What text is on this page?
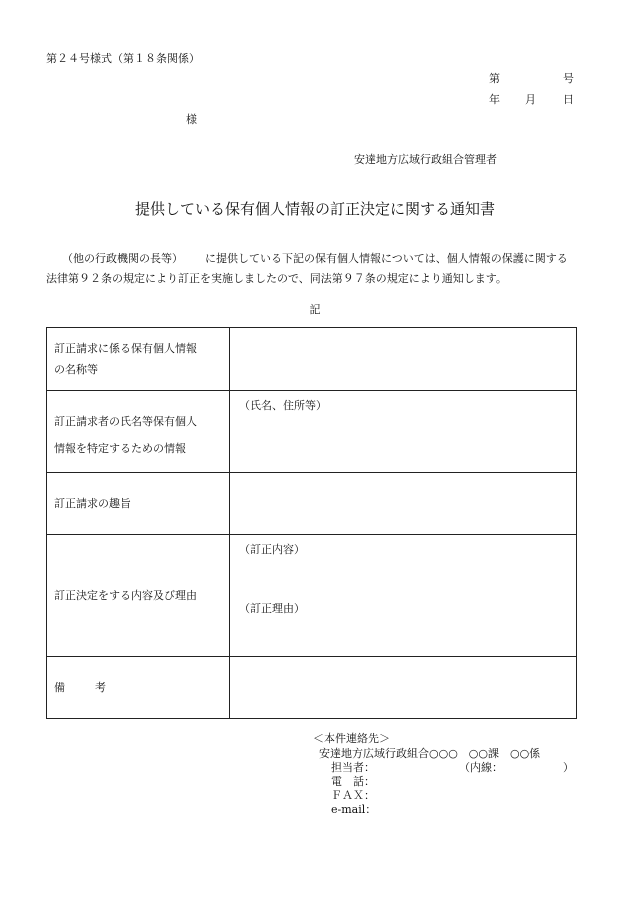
第２４号様式（第１８条関係）
第	号
年 月 日
様
安達地方広域行政組合管理者
提供している保有個人情報の訂正決定に関する通知書
（他の行政機関の長等） に提供している下記の保有個人情報については、個人情報の保護に関する
法律第９２条の規定により訂正を実施しましたので、同法第９７条の規定により通知します。
記
訂正請求に係る保有個人情報
の名称等	

訂正請求者の氏名等保有個人
情報を特定するための情報	（氏名、住所等）

訂正請求の趣旨	
訂正決定をする内容及び理由	（訂正内容）
（訂正理由）

備 考	
＜本件連絡先＞
安達地方広域行政組合○○○　○○課　○○係
担当者：	（内線：	）
電　話：
ＦＡＸ：
e-mail：
